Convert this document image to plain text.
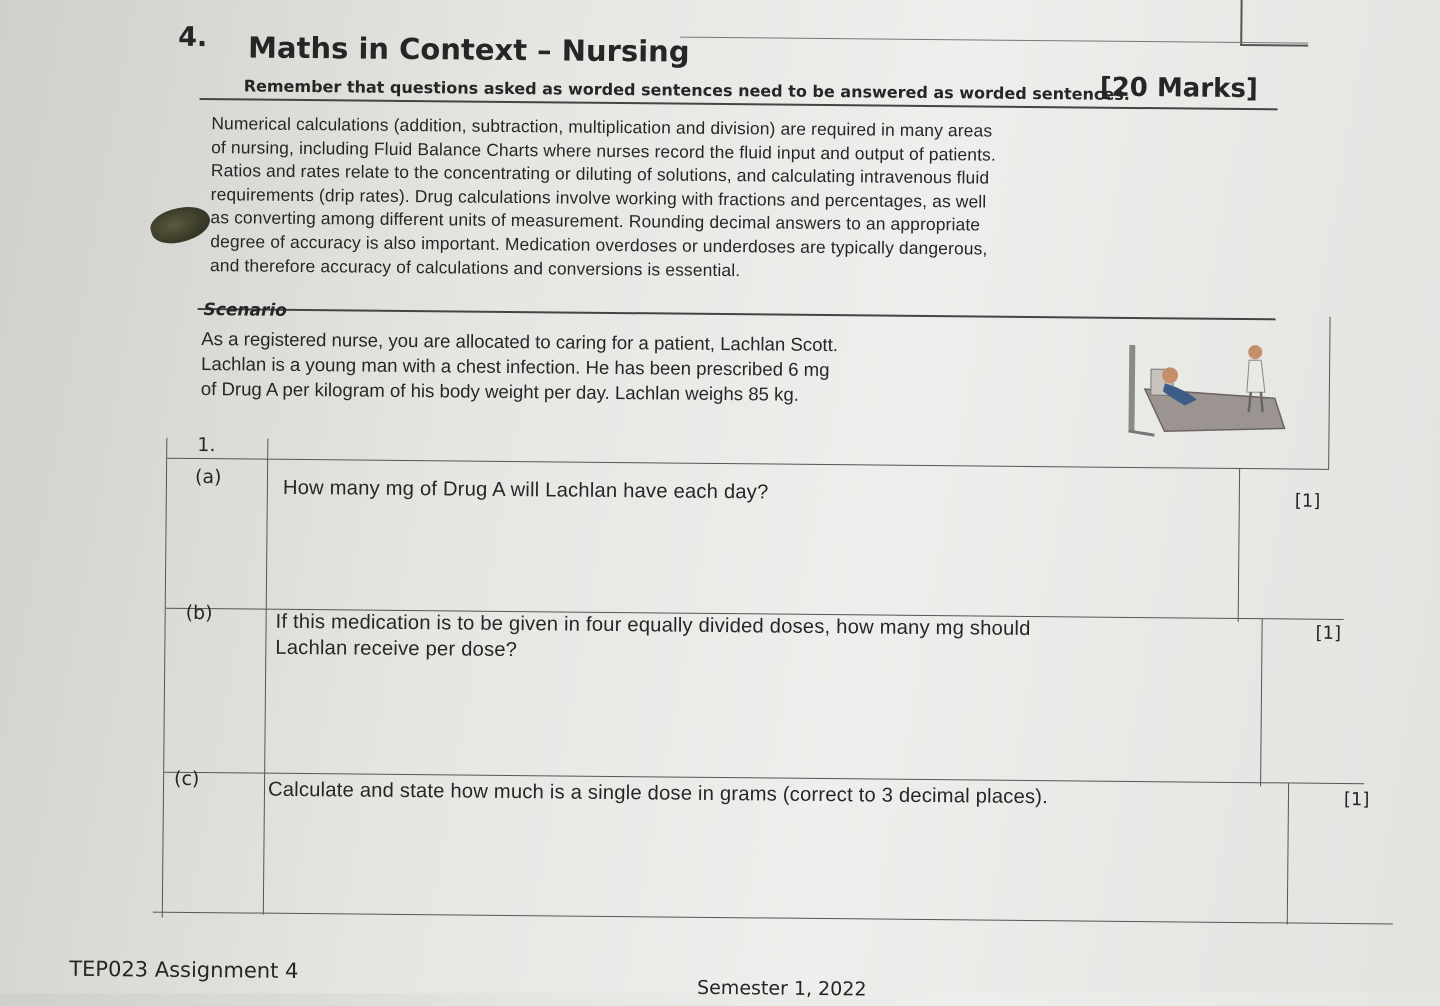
4. Maths in Context – Nursing
[20 Marks]
Remember that questions asked as worded sentences need to be answered as worded sentences.
Numerical calculations (addition, subtraction, multiplication and division) are required in many areas
of nursing, including Fluid Balance Charts where nurses record the fluid input and output of patients.
Ratios and rates relate to the concentrating or diluting of solutions, and calculating intravenous fluid
requirements (drip rates). Drug calculations involve working with fractions and percentages, as well
as converting among different units of measurement. Rounding decimal answers to an appropriate
degree of accuracy is also important. Medication overdoses or underdoses are typically dangerous,
and therefore accuracy of calculations and conversions is essential.
Scenario
As a registered nurse, you are allocated to caring for a patient, Lachlan Scott.
Lachlan is a young man with a chest infection. He has been prescribed 6 mg
of Drug A per kilogram of his body weight per day. Lachlan weighs 85 kg.
1.
(a)	How many mg of Drug A will Lachlan have each day?	[1]
(b)	If this medication is to be given in four equally divided doses, how many mg should
Lachlan receive per dose?
[1]
(c)	Calculate and state how much is a single dose in grams (correct to 3 decimal places).	[1]
TEP023 Assignment 4
Semester 1, 2022
